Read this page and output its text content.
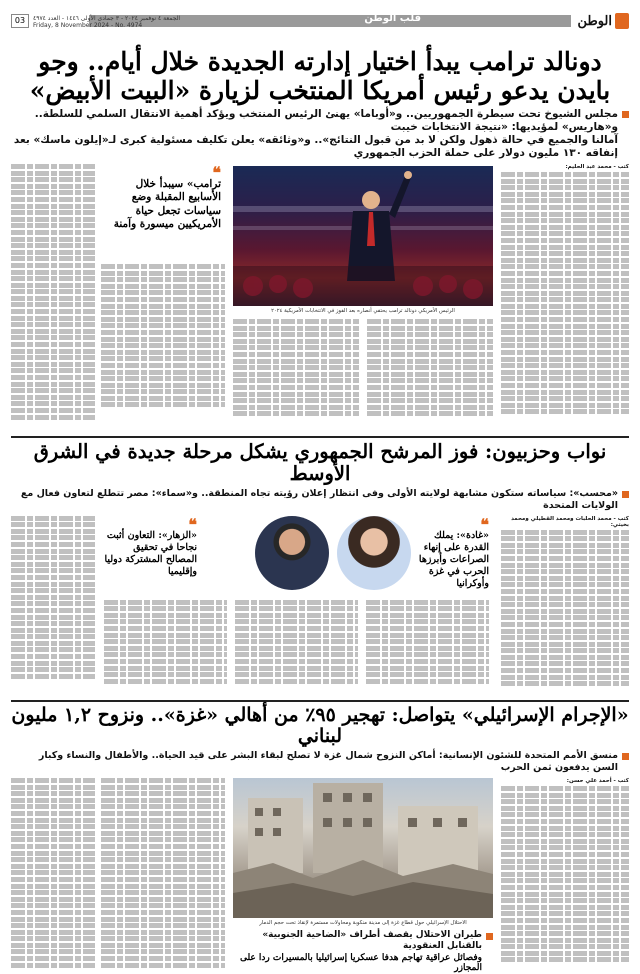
الوطن
قلب الوطن
03	الجمعة ٤ نوفمبر ٢٠٢٤ - ٣ جمادى الأولى ١٤٤٦ - العدد ٤٩٧٤
Friday, 8 November 2024 - No. 4974
دونالد ترامب يبدأ اختيار إدارته الجديدة خلال أيام.. وجو
بايدن يدعو رئيس أمريكا المنتخب لزيارة «البيت الأبيض»
مجلس الشيوخ تحت سيطرة الجمهوريين.. و«أوباما» يهنئ الرئيس المنتخب ويؤكد أهمية الانتقال السلمي للسلطة.. و«هاريس» لمؤيديها: «نتيجة الانتخابات خيبت
آمالنا والجميع في حالة ذهول ولكن لا بد من قبول النتائج».. و«وثائقه» يعلن تكليف مسئولية كبرى لـ«إيلون ماسك» بعد إنفاقه ١٣٠ مليون دولار على حملة الحزب الجمهوري
كتب - محمد عبد الحليم:
الرئيس الأمريكي دونالد ترامب يحتفي أنصاره بعد الفوز في الانتخابات الأمريكية ٢٠٢٤
❝
ترامب» سيبدأ خلال الأسابيع المقبلة وضع سياسات تجعل حياة الأمريكيين ميسورة وآمنة
نواب وحزبيون: فوز المرشح الجمهوري يشكل مرحلة جديدة في الشرق الأوسط
«محسب»: سياساته ستكون مشابهة لولايته الأولى وفى انتظار إعلان رؤيته تجاه المنطقة.. و«سماء»: مصر تتطلع لتعاون فعال مع الولايات المتحدة
كتب - محمد الحلبات ومحمد القطيلي ومحمد بخيتي:
❝
«غادة»: يملك القدرة على إنهاء الصراعات وأبرزها الحرب في غزة وأوكرانيا
❝
«الزهار»: التعاون أثبت نجاحا في تحقيق المصالح المشتركة دوليا وإقليميا
«الإجرام الإسرائيلي» يتواصل: تهجير ٩٥٪ من أهالي «غزة».. ونزوح ١,٢ مليون لبناني
منسق الأمم المتحدة للشئون الإنسانية: أماكن النزوح شمال غزة لا تصلح لبقاء البشر على قيد الحياة.. والأطفال والنساء وكبار السن يدفعون ثمن الحرب
كتب - أحمد علي حسن:
الاحتلال الإسرائيلي حول قطاع غزة إلى مدينة منكوبة ومحاولات مستمرة لإنقاذ تحت حجم الدمار
طيران الاحتلال يقصف أطراف «الضاحية الجنوبية» بالقنابل العنقودية
وفصائل عراقية تهاجم هدفا عسكريا إسرائيليا بالمسيرات ردا على المجازر
